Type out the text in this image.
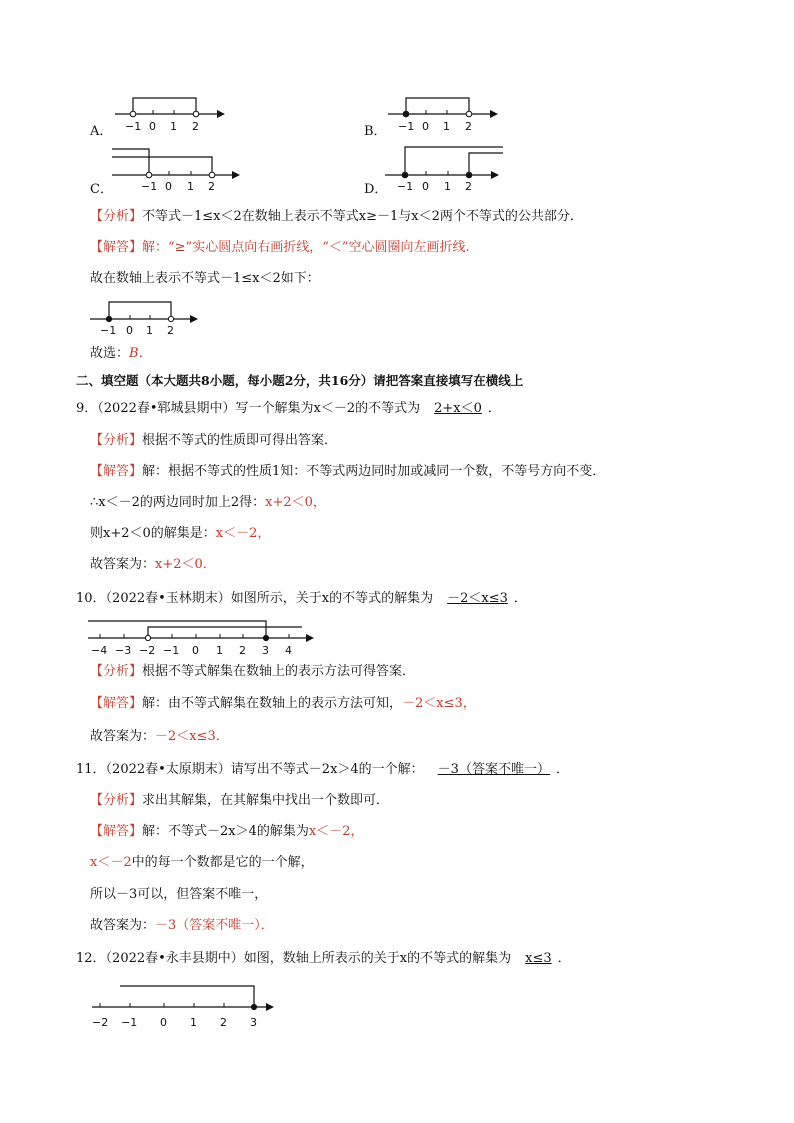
A． −1 0 1 2	B． −1 0 1 2
C．	−1 0 1 2	D． −1 0 1 2
【分析】不等式－1≤x＜2在数轴上表示不等式x≥－1与x＜2两个不等式的公共部分．
【解答】解：“≥”实心圆点向右画折线，“＜”空心圆圈向左画折线.
故在数轴上表示不等式－1≤x＜2如下：
−1 0 1 2
故选：B．
二、填空题（本大题共8小题，每小题2分，共16分）请把答案直接填写在横线上
9．（2022春•郓城县期中）写一个解集为x＜－2的不等式为 2+x＜0 ．
【分析】根据不等式的性质即可得出答案．
【解答】解：根据不等式的性质1知：不等式两边同时加或减同一个数，不等号方向不变．
∴x＜－2的两边同时加上2得：x+2＜0，
则x+2＜0的解集是：x＜－2，
故答案为：x+2＜0．
10．（2022春•玉林期末）如图所示，关于x的不等式的解集为 －2＜x≤3 ．
−4 −3 −2 −1 0 1 2 3 4
【分析】根据不等式解集在数轴上的表示方法可得答案．
【解答】解：由不等式解集在数轴上的表示方法可知，－2＜x≤3，
故答案为：－2＜x≤3．
11．（2022春•太原期末）请写出不等式－2x＞4的一个解： －3（答案不唯一） ．
【分析】求出其解集，在其解集中找出一个数即可．
【解答】解：不等式－2x＞4的解集为x＜－2，
x＜－2中的每一个数都是它的一个解，
所以－3可以，但答案不唯一，
故答案为：－3（答案不唯一）．
12．（2022春•永丰县期中）如图，数轴上所表示的关于x的不等式的解集为 x≤3 ．
−2 −1 0 1 2 3
